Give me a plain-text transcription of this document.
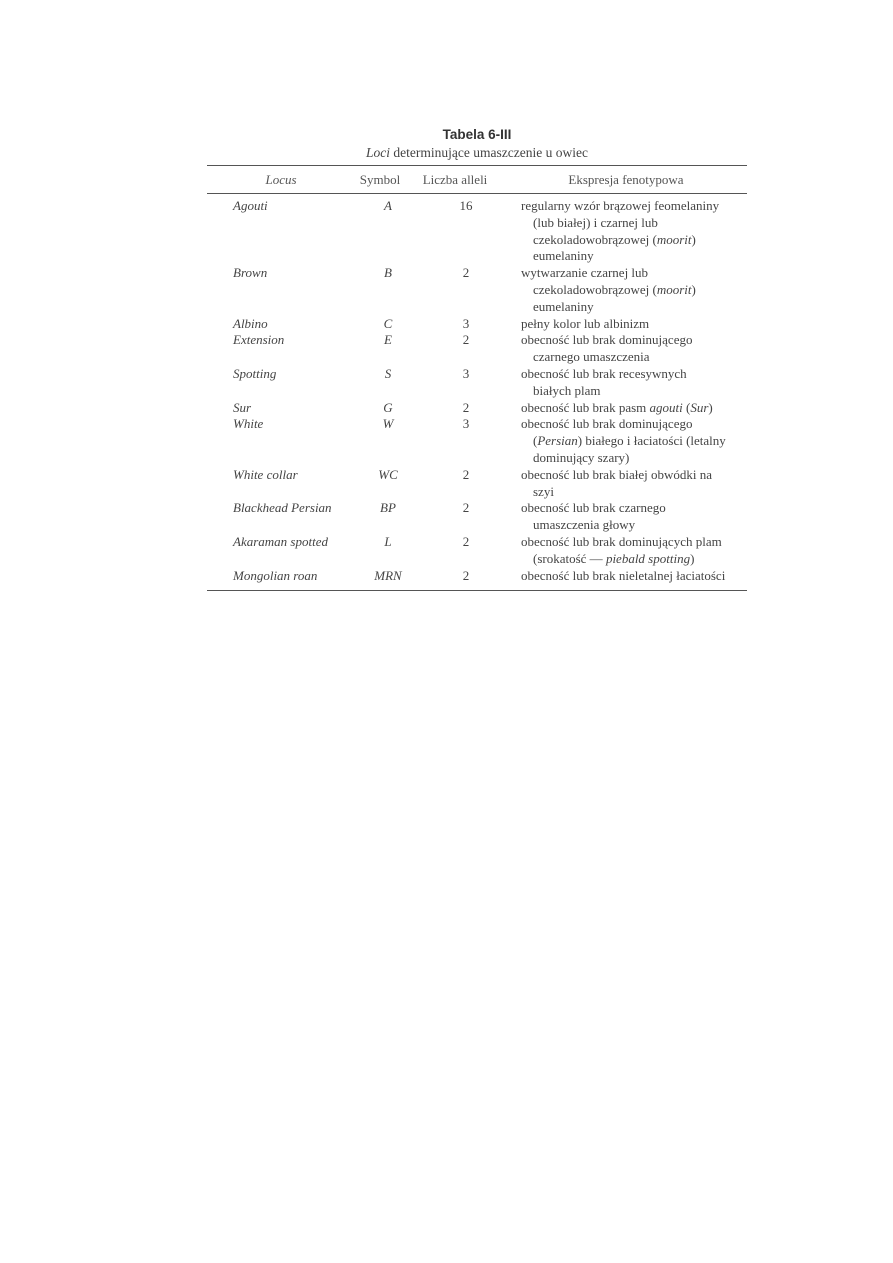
Tabela 6-III
Loci determinujące umaszczenie u owiec
Locus	Symbol	Liczba alleli	Ekspresja fenotypowa
Agouti	A	16	regularny wzór brązowej feomelaniny
(lub białej) i czarnej lub
czekoladowobrązowej (moorit)
eumelaniny

Brown	B	2	wytwarzanie czarnej lub
czekoladowobrązowej (moorit)
eumelaniny

Albino	C	3	pełny kolor lub albinizm

Extension	E	2	obecność lub brak dominującego
czarnego umaszczenia

Spotting	S	3	obecność lub brak recesywnych
białych plam

Sur	G	2	obecność lub brak pasm agouti (Sur)

White	W	3	obecność lub brak dominującego
(Persian) białego i łaciatości (letalny
dominujący szary)

White collar	WC	2	obecność lub brak białej obwódki na
szyi

Blackhead Persian	BP	2	obecność lub brak czarnego
umaszczenia głowy

Akaraman spotted	L	2	obecność lub brak dominujących plam
(srokatość — piebald spotting)

Mongolian roan	MRN	2	obecność lub brak nieletalnej łaciatości
